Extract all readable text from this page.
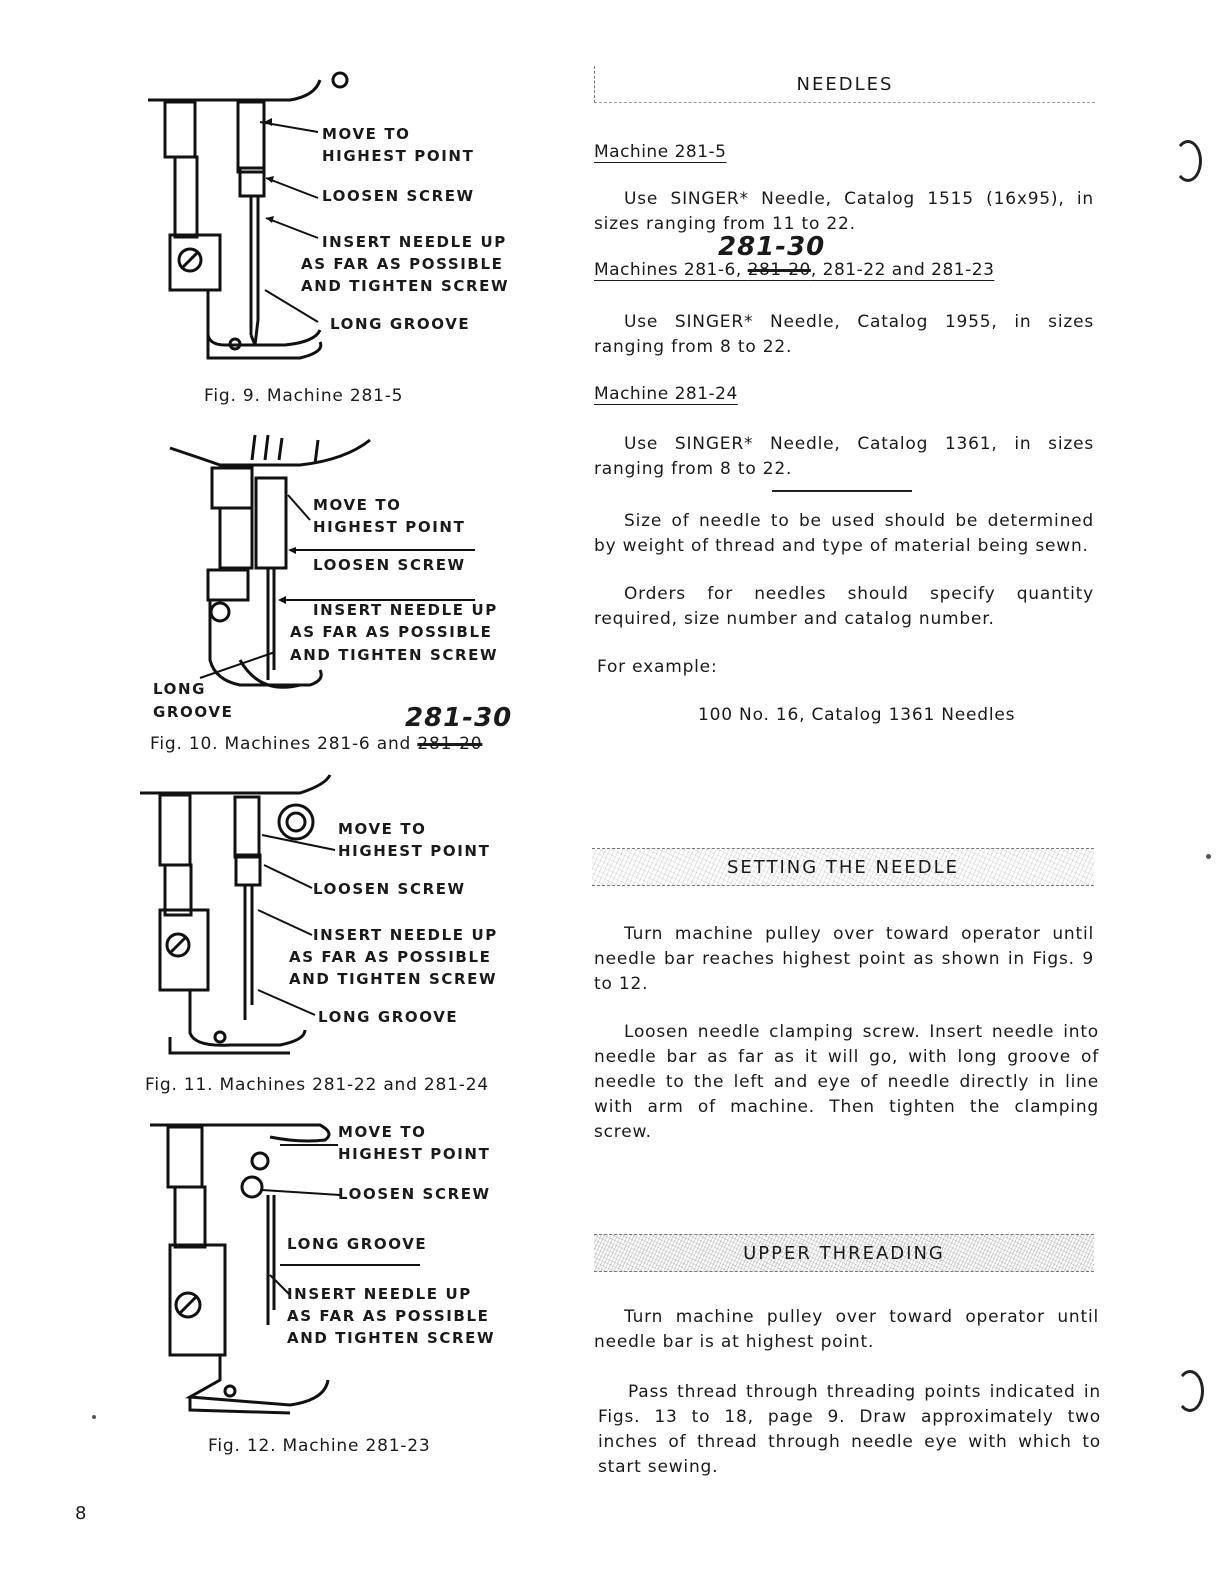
MOVE TO
HIGHEST POINT
LOOSEN SCREW
INSERT NEEDLE UP
AS FAR AS POSSIBLE
AND TIGHTEN SCREW
LONG GROOVE
Fig. 9. Machine 281-5
MOVE TO
HIGHEST POINT
LOOSEN SCREW
INSERT NEEDLE UP
AS FAR AS POSSIBLE
AND TIGHTEN SCREW
LONG
GROOVE
Fig. 10. Machines 281-6 and 281-20
281-30
MOVE TO
HIGHEST POINT
LOOSEN SCREW
INSERT NEEDLE UP
AS FAR AS POSSIBLE
AND TIGHTEN SCREW
LONG GROOVE
Fig. 11. Machines 281-22 and 281-24
MOVE TO
HIGHEST POINT
LOOSEN SCREW
LONG GROOVE
INSERT NEEDLE UP
AS FAR AS POSSIBLE
AND TIGHTEN SCREW
Fig. 12. Machine 281-23
NEEDLES
Machine 281-5
Use SINGER* Needle, Catalog 1515 (16x95), in sizes ranging from 11 to 22.
281-30
Machines 281-6, 281-20, 281-22 and 281-23
Use SINGER* Needle, Catalog 1955, in sizes ranging from 8 to 22.
Machine 281-24
Use SINGER* Needle, Catalog 1361, in sizes ranging from 8 to 22.
Size of needle to be used should be determined by weight of thread and type of material being sewn.
Orders for needles should specify quantity required, size number and catalog number.
For example:
100 No. 16, Catalog 1361 Needles
SETTING THE NEEDLE
Turn machine pulley over toward operator until needle bar reaches highest point as shown in Figs. 9 to 12.
Loosen needle clamping screw. Insert needle into needle bar as far as it will go, with long groove of needle to the left and eye of needle directly in line with arm of machine. Then tighten the clamping screw.
UPPER THREADING
Turn machine pulley over toward operator until needle bar is at highest point.
Pass thread through threading points indicated in Figs. 13 to 18, page 9. Draw approximately two inches of thread through needle eye with which to start sewing.
8
